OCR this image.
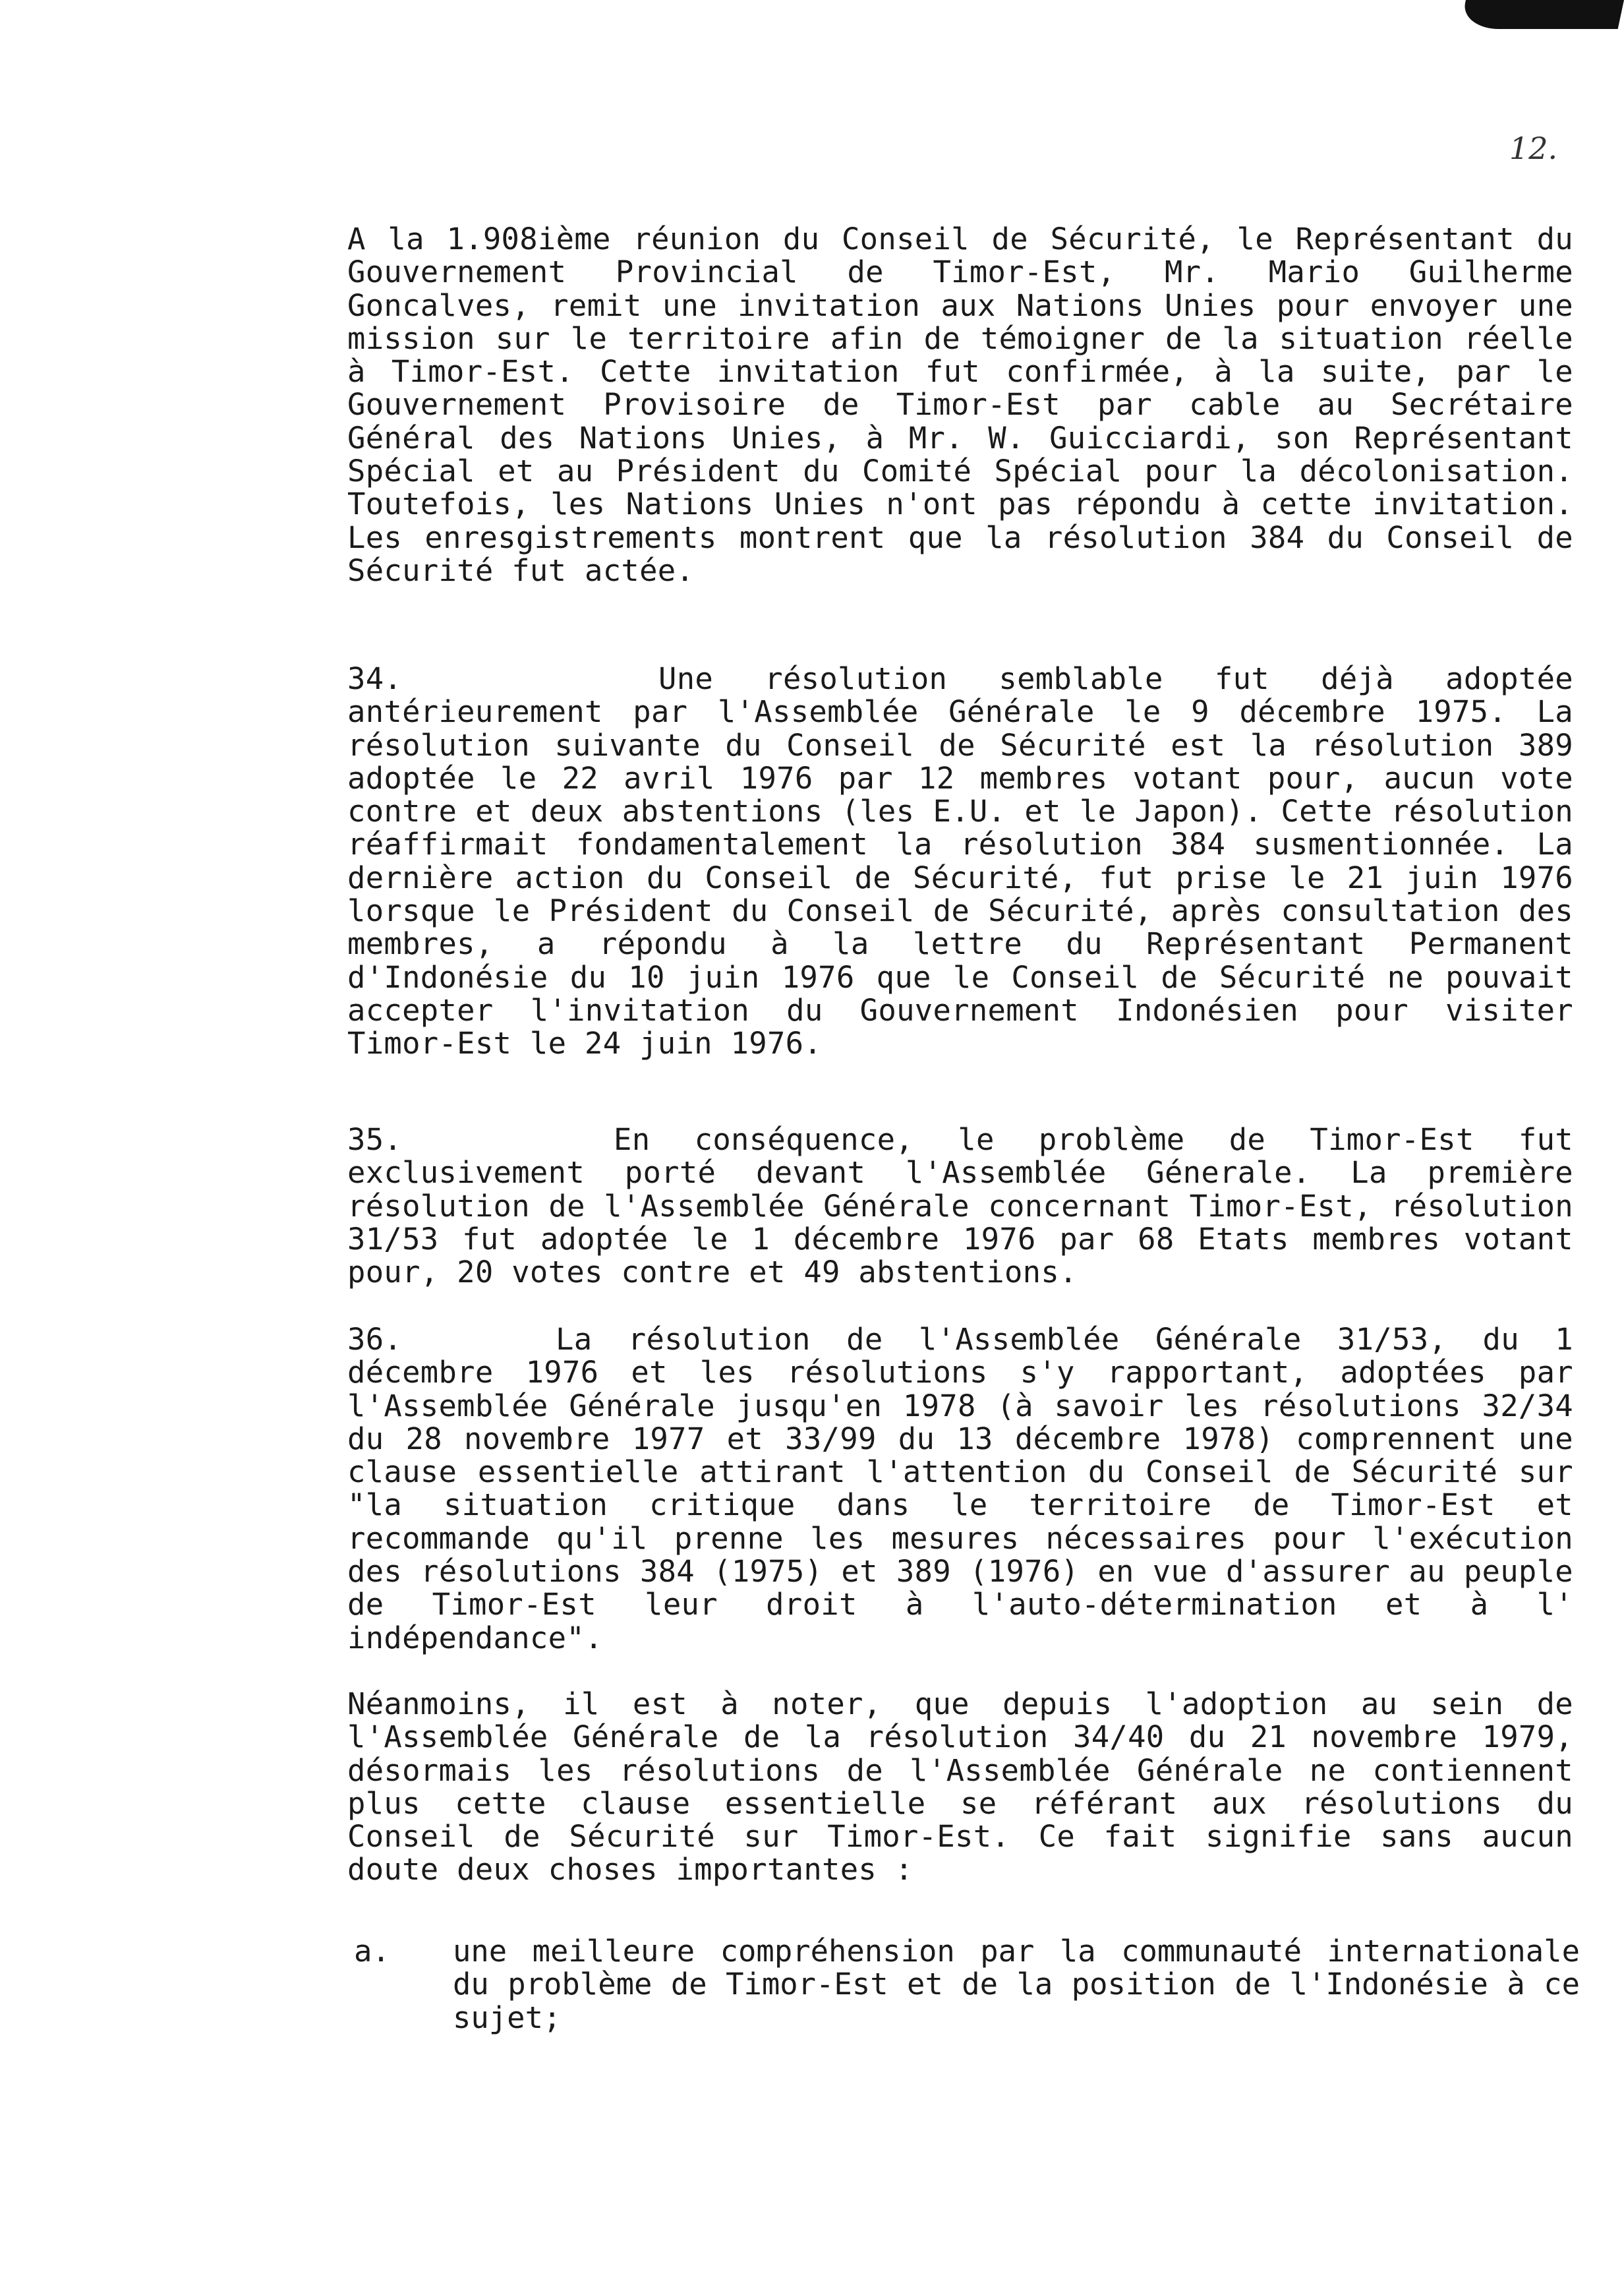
12.

A la 1.908ième réunion du Conseil de Sécurité, le Représentant du Gouvernement Provincial de Timor-Est, Mr. Mario Guilherme Goncalves, remit une invitation aux Nations Unies pour envoyer une mission sur le territoire afin de témoigner de la situation réelle à Timor-Est. Cette invitation fut confirmée, à la suite, par le Gouvernement Provisoire de Timor-Est par cable au Secrétaire Général des Nations Unies, à Mr. W. Guicciardi, son Représentant Spécial et au Président du Comité Spécial pour la décolonisation. Toutefois, les Nations Unies n'ont pas répondu à cette invitation. Les enresgistrements montrent que la résolution 384 du Conseil de Sécurité fut actée.

34.	Une résolution semblable fut déjà adoptée antérieurement par l'Assemblée Générale le 9 décembre 1975. La résolution suivante du Conseil de Sécurité est la résolution 389 adoptée le 22 avril 1976 par 12 membres votant pour, aucun vote contre et deux abstentions (les E.U. et le Japon). Cette résolution réaffirmait fondamentalement la résolution 384 susmentionnée. La dernière action du Conseil de Sécurité, fut prise le 21 juin 1976 lorsque le Président du Conseil de Sécurité, après consultation des membres, a répondu à la lettre du Représentant Permanent d'Indonésie du 10 juin 1976 que le Conseil de Sécurité ne pouvait accepter l'invitation du Gouvernement Indonésien pour visiter Timor-Est le 24 juin 1976.

35.	En conséquence, le problème de Timor-Est fut exclusivement porté devant l'Assemblée Génerale. La première résolution de l'Assemblée Générale concernant Timor-Est, résolution 31/53 fut adoptée le 1 décembre 1976 par 68 Etats membres votant pour, 20 votes contre et 49 abstentions.

36.	La résolution de l'Assemblée Générale 31/53, du 1 décembre 1976 et les résolutions s'y rapportant, adoptées par l'Assemblée Générale jusqu'en 1978 (à savoir les résolutions 32/34 du 28 novembre 1977 et 33/99 du 13 décembre 1978) comprennent une clause essentielle attirant l'attention du Conseil de Sécurité sur "la situation critique dans le territoire de Timor-Est et recommande qu'il prenne les mesures nécessaires pour l'exécution des résolutions 384 (1975) et 389 (1976) en vue d'assurer au peuple de Timor-Est leur droit à l'auto-détermination et à l' indépendance".

Néanmoins, il est à noter, que depuis l'adoption au sein de l'Assemblée Générale de la résolution 34/40 du 21 novembre 1979, désormais les résolutions de l'Assemblée Générale ne contiennent plus cette clause essentielle se référant aux résolutions du Conseil de Sécurité sur Timor-Est. Ce fait signifie sans aucun doute deux choses importantes :

a. une meilleure compréhension par la communauté internationale du problème de Timor-Est et de la position de l'Indonésie à ce sujet;
